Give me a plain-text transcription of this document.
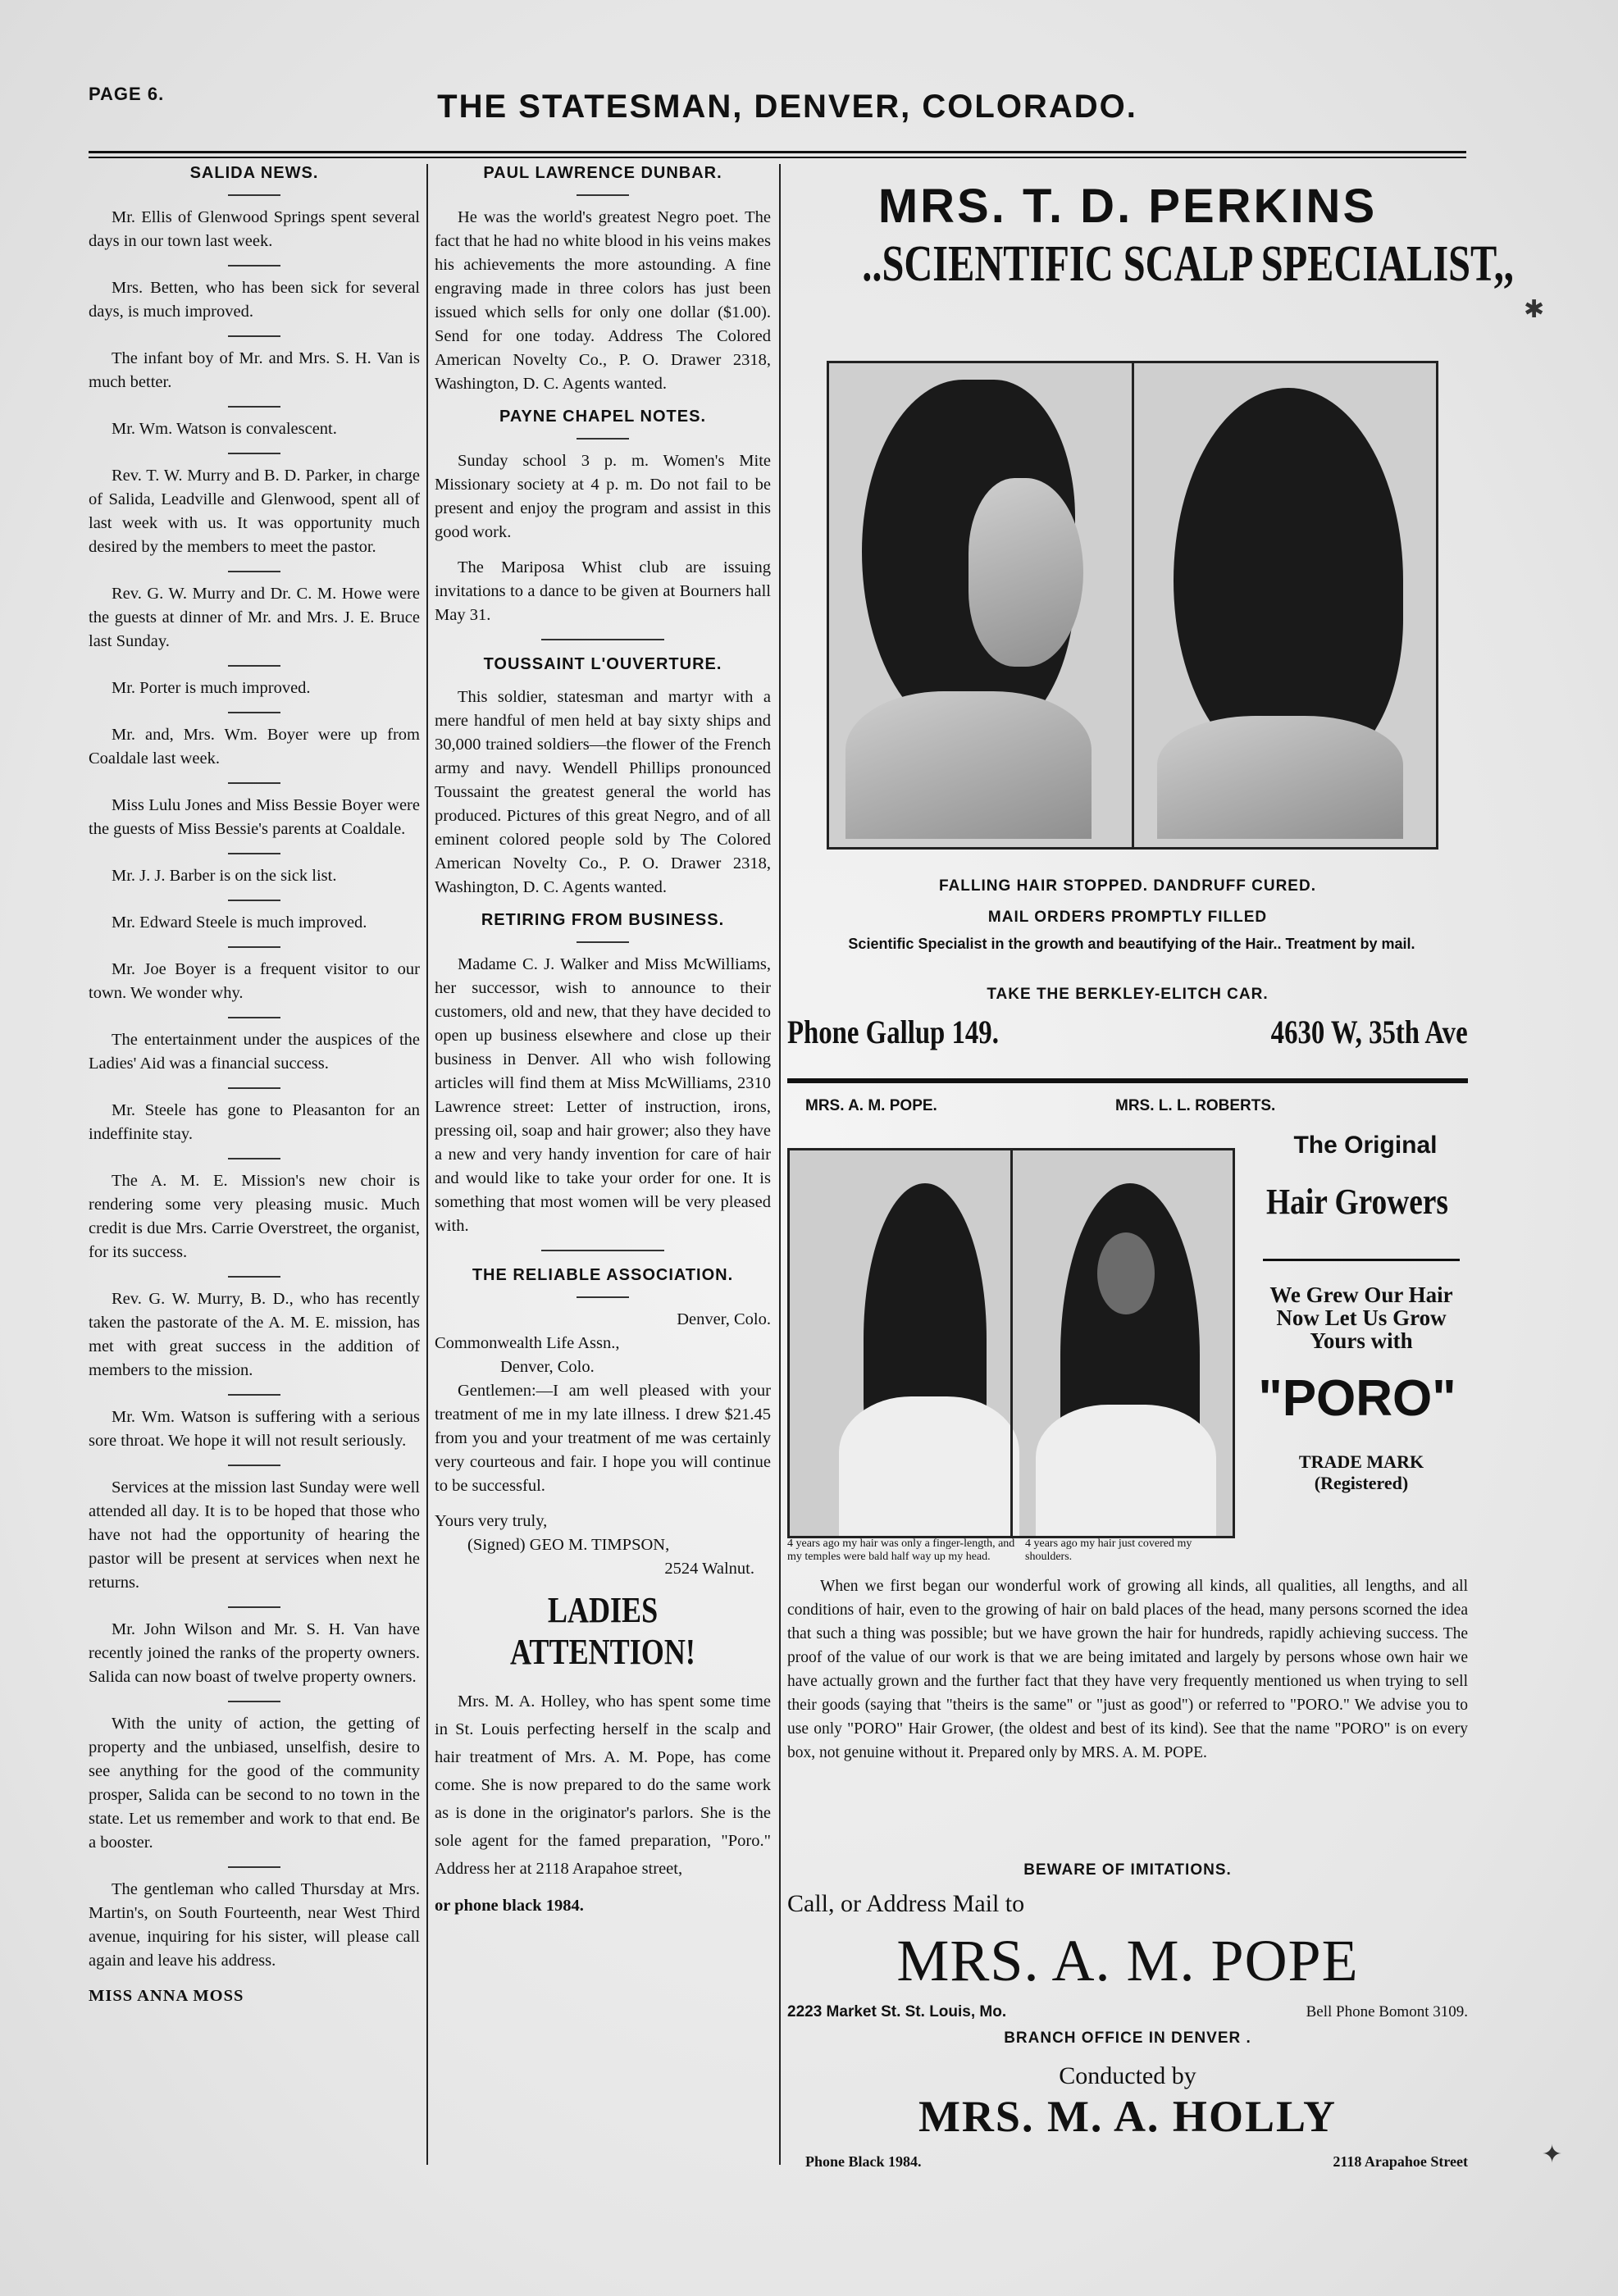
PAGE 6.	THE STATESMAN, DENVER, COLORADO.
SALIDA NEWS.

Mr. Ellis of Glenwood Springs spent several days in our town last week.

Mrs. Betten, who has been sick for several days, is much improved.

The infant boy of Mr. and Mrs. S. H. Van is much better.

Mr. Wm. Watson is convalescent.

Rev. T. W. Murry and B. D. Parker, in charge of Salida, Leadville and Glenwood, spent all of last week with us. It was opportunity much desired by the members to meet the pastor.

Rev. G. W. Murry and Dr. C. M. Howe were the guests at dinner of Mr. and Mrs. J. E. Bruce last Sunday.

Mr. Porter is much improved.

Mr. and, Mrs. Wm. Boyer were up from Coaldale last week.

Miss Lulu Jones and Miss Bessie Boyer were the guests of Miss Bessie's parents at Coaldale.

Mr. J. J. Barber is on the sick list.

Mr. Edward Steele is much improved.

Mr. Joe Boyer is a frequent visitor to our town. We wonder why.

The entertainment under the auspices of the Ladies' Aid was a financial success.

Mr. Steele has gone to Pleasanton for an indeffinite stay.

The A. M. E. Mission's new choir is rendering some very pleasing music. Much credit is due Mrs. Carrie Overstreet, the organist, for its success.

Rev. G. W. Murry, B. D., who has recently taken the pastorate of the A. M. E. mission, has met with great success in the addition of members to the mission.

Mr. Wm. Watson is suffering with a serious sore throat. We hope it will not result seriously.

Services at the mission last Sunday were well attended all day. It is to be hoped that those who have not had the opportunity of hearing the pastor will be present at services when next he returns.

Mr. John Wilson and Mr. S. H. Van have recently joined the ranks of the property owners. Salida can now boast of twelve property owners.

With the unity of action, the getting of property and the unbiased, unselfish, desire to see anything for the good of the community prosper, Salida can be second to no town in the state. Let us remember and work to that end. Be a booster.

The gentleman who called Thursday at Mrs. Martin's, on South Fourteenth, near West Third avenue, inquiring for his sister, will please call again and leave his address.

MISS ANNA MOSS

PAUL LAWRENCE DUNBAR.

He was the world's greatest Negro poet. The fact that he had no white blood in his veins makes his achievements the more astounding. A fine engraving made in three colors has just been issued which sells for only one dollar ($1.00). Send for one today. Address The Colored American Novelty Co., P. O. Drawer 2318, Washington, D. C. Agents wanted.

PAYNE CHAPEL NOTES.

Sunday school 3 p. m. Women's Mite Missionary society at 4 p. m. Do not fail to be present and enjoy the program and assist in this good work.

The Mariposa Whist club are issuing invitations to a dance to be given at Bourners hall May 31.

TOUSSAINT L'OUVERTURE.

This soldier, statesman and martyr with a mere handful of men held at bay sixty ships and 30,000 trained soldiers—the flower of the French army and navy. Wendell Phillips pronounced Toussaint the greatest general the world has produced. Pictures of this great Negro, and of all eminent colored people sold by The Colored American Novelty Co., P. O. Drawer 2318, Washington, D. C. Agents wanted.

RETIRING FROM BUSINESS.

Madame C. J. Walker and Miss McWilliams, her successor, wish to announce to their customers, old and new, that they have decided to open up business elsewhere and close up their business in Denver. All who wish following articles will find them at Miss McWilliams, 2310 Lawrence street: Letter of instruction, irons, pressing oil, soap and hair grower; also they have a new and very handy invention for care of hair and would like to take your order for one. It is something that most women will be very pleased with.

THE RELIABLE ASSOCIATION.

Denver, Colo.

Commonwealth Life Assn.,

Denver, Colo.

Gentlemen:—I am well pleased with your treatment of me in my late illness. I drew $21.45 from you and your treatment of me was certainly very courteous and fair. I hope you will continue to be successful.

Yours very truly,

(Signed) GEO M. TIMPSON,

2524 Walnut.

LADIES ATTENTION!

Mrs. M. A. Holley, who has spent some time in St. Louis perfecting herself in the scalp and hair treatment of Mrs. A. M. Pope, has come come. She is now prepared to do the same work as is done in the originator's parlors. She is the sole agent for the famed preparation, "Poro." Address her at 2118 Arapahoe street,

or phone black 1984.

MRS. T. D. PERKINS
..SCIENTIFIC SCALP SPECIALIST,,
FALLING HAIR STOPPED. DANDRUFF CURED.
MAIL ORDERS PROMPTLY FILLED
Scientific Specialist in the growth and beautifying of the Hair.. Treatment by mail.
TAKE THE BERKLEY-ELITCH CAR.
Phone Gallup 149.	4630 W, 35th Ave
MRS. A. M. POPE.	MRS. L. L. ROBERTS.
4 years ago my hair was only a finger-length, and my temples were bald half way up my head.
4 years ago my hair just covered my shoulders.
The Original
Hair Growers
We Grew Our Hair
Now Let Us Grow
Yours with
"PORO"
TRADE MARK
(Registered)
When we first began our wonderful work of growing all kinds, all qualities, all lengths, and all conditions of hair, even to the growing of hair on bald places of the head, many persons scorned the idea that such a thing was possible; but we have grown the hair for hundreds, rapidly achieving success. The proof of the value of our work is that we are being imitated and largely by persons whose own hair we have actually grown and the further fact that they have very frequently mentioned us when trying to sell their goods (saying that "theirs is the same" or "just as good") or referred to "PORO." We advise you to use only "PORO" Hair Grower, (the oldest and best of its kind). See that the name "PORO" is on every box, not genuine without it. Prepared only by MRS. A. M. POPE.
BEWARE OF IMITATIONS.
Call, or Address Mail to
MRS. A. M. POPE
2223 Market St. St. Louis, Mo.	Bell Phone Bomont 3109.
BRANCH OFFICE IN DENVER .
Conducted by
MRS. M. A. HOLLY
Phone Black 1984.	2118 Arapahoe Street
✱
✦
